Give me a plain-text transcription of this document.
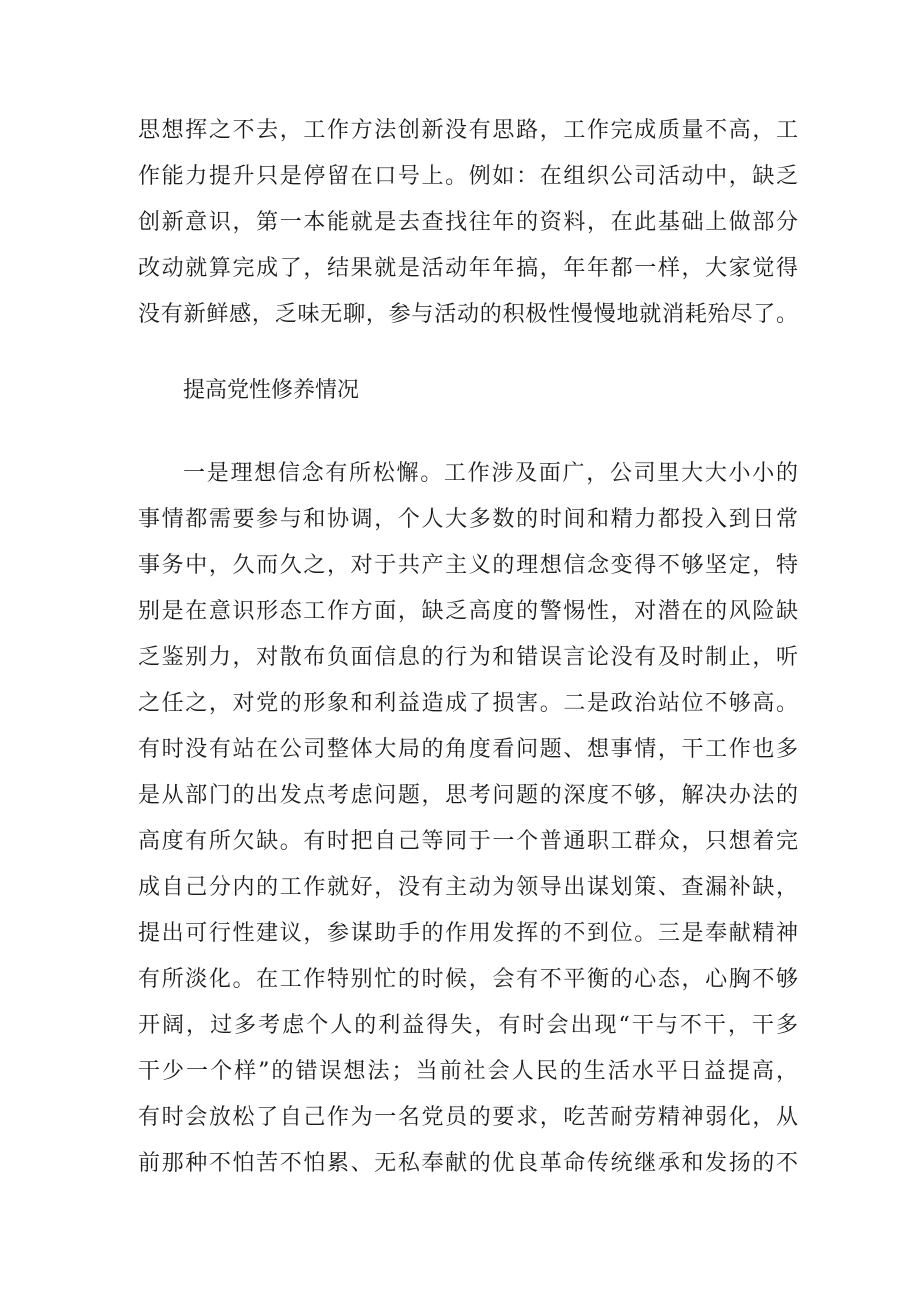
思想挥之不去，工作方法创新没有思路，工作完成质量不高，工
作能力提升只是停留在口号上。例如：在组织公司活动中，缺乏
创新意识，第一本能就是去查找往年的资料，在此基础上做部分
改动就算完成了，结果就是活动年年搞，年年都一样，大家觉得
没有新鲜感，乏味无聊，参与活动的积极性慢慢地就消耗殆尽了。
提高党性修养情况
一是理想信念有所松懈。工作涉及面广，公司里大大小小的
事情都需要参与和协调，个人大多数的时间和精力都投入到日常
事务中，久而久之，对于共产主义的理想信念变得不够坚定，特
别是在意识形态工作方面，缺乏高度的警惕性，对潜在的风险缺
乏鉴别力，对散布负面信息的行为和错误言论没有及时制止，听
之任之，对党的形象和利益造成了损害。二是政治站位不够高。
有时没有站在公司整体大局的角度看问题、想事情，干工作也多
是从部门的出发点考虑问题，思考问题的深度不够，解决办法的
高度有所欠缺。有时把自己等同于一个普通职工群众，只想着完
成自己分内的工作就好，没有主动为领导出谋划策、查漏补缺，
提出可行性建议，参谋助手的作用发挥的不到位。三是奉献精神
有所淡化。在工作特别忙的时候，会有不平衡的心态，心胸不够
开阔，过多考虑个人的利益得失，有时会出现“干与不干，干多
干少一个样”的错误想法；当前社会人民的生活水平日益提高，
有时会放松了自己作为一名党员的要求，吃苦耐劳精神弱化，从
前那种不怕苦不怕累、无私奉献的优良革命传统继承和发扬的不
